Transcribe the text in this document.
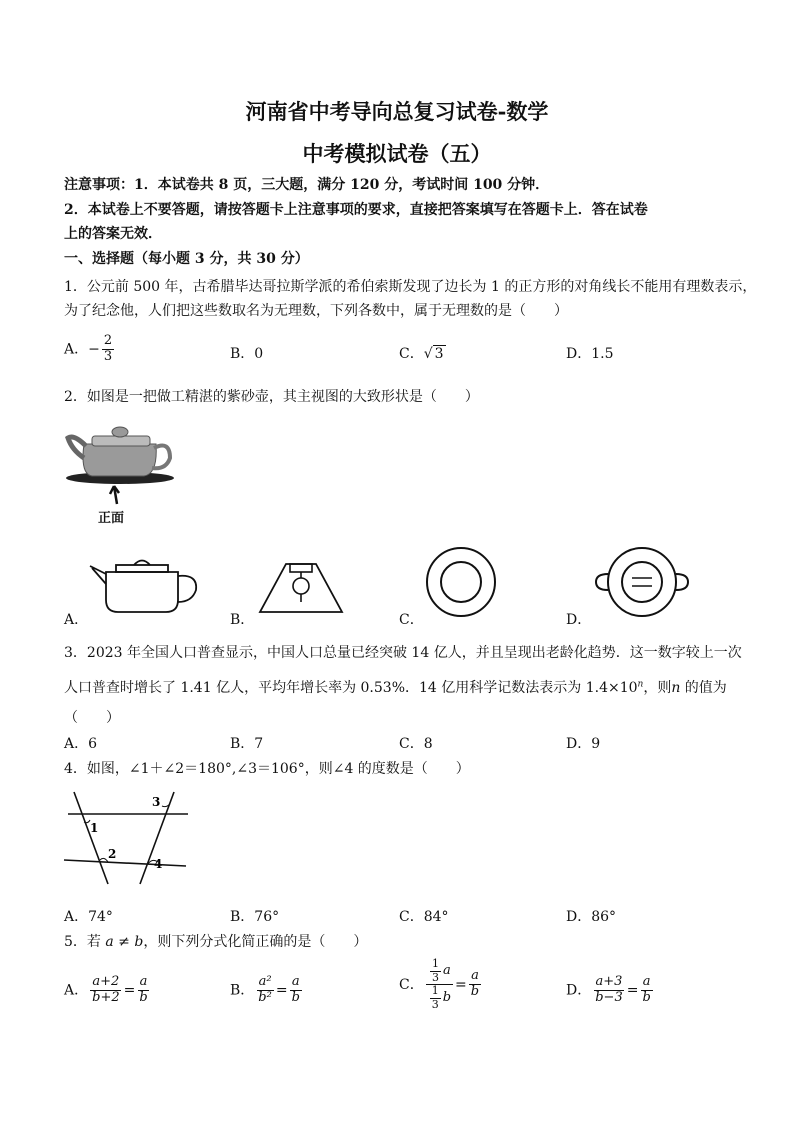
河南省中考导向总复习试卷-数学
中考模拟试卷（五）
注意事项：1．本试卷共 8 页，三大题，满分 120 分，考试时间 100 分钟．
2．本试卷上不要答题，请按答题卡上注意事项的要求，直接把答案填写在答题卡上．答在试卷
上的答案无效．
一、选择题（每小题 3 分，共 30 分）
1．公元前 500 年，古希腊毕达哥拉斯学派的希伯索斯发现了边长为 1 的正方形的对角线长不能用有理数表示，
为了纪念他，人们把这些数取名为无理数，下列各数中，属于无理数的是（　　）
A．− $\frac{2}{3}$	B．0	C．√ 3	D．1.5
2．如图是一把做工精湛的紫砂壶，其主视图的大致形状是（　　）
正面
A．	B．	C．	D．
3．2023 年全国人口普查显示，中国人口总量已经突破 14 亿人，并且呈现出老龄化趋势．这一数字较上一次
人口普查时增长了 1.41 亿人，平均年增长率为 0.53%．14 亿用科学记数法表示为 $1.4\times 10^n$，则n 的值为
（　　）
A．6	B．7	C．8	D．9
4．如图，∠1＋∠2＝180°,∠3＝106°，则∠4 的度数是（　　）
1
2
3
4
A．74°	B．76°	C．84°	D．86°
5．若 a ≠ b，则下列分式化简正确的是（　　）
A． $\frac{a+2}{b+2} = \frac{a}{b}$	B． $\frac{\text{a²}}{\text{b²}} = \frac{a}{b}$	C． $\frac{\frac{1}{3} a}{\frac{1}{3} b} = \frac{a}{b}$	D． $\frac{a+3}{b-3} = \frac{a}{b}$
